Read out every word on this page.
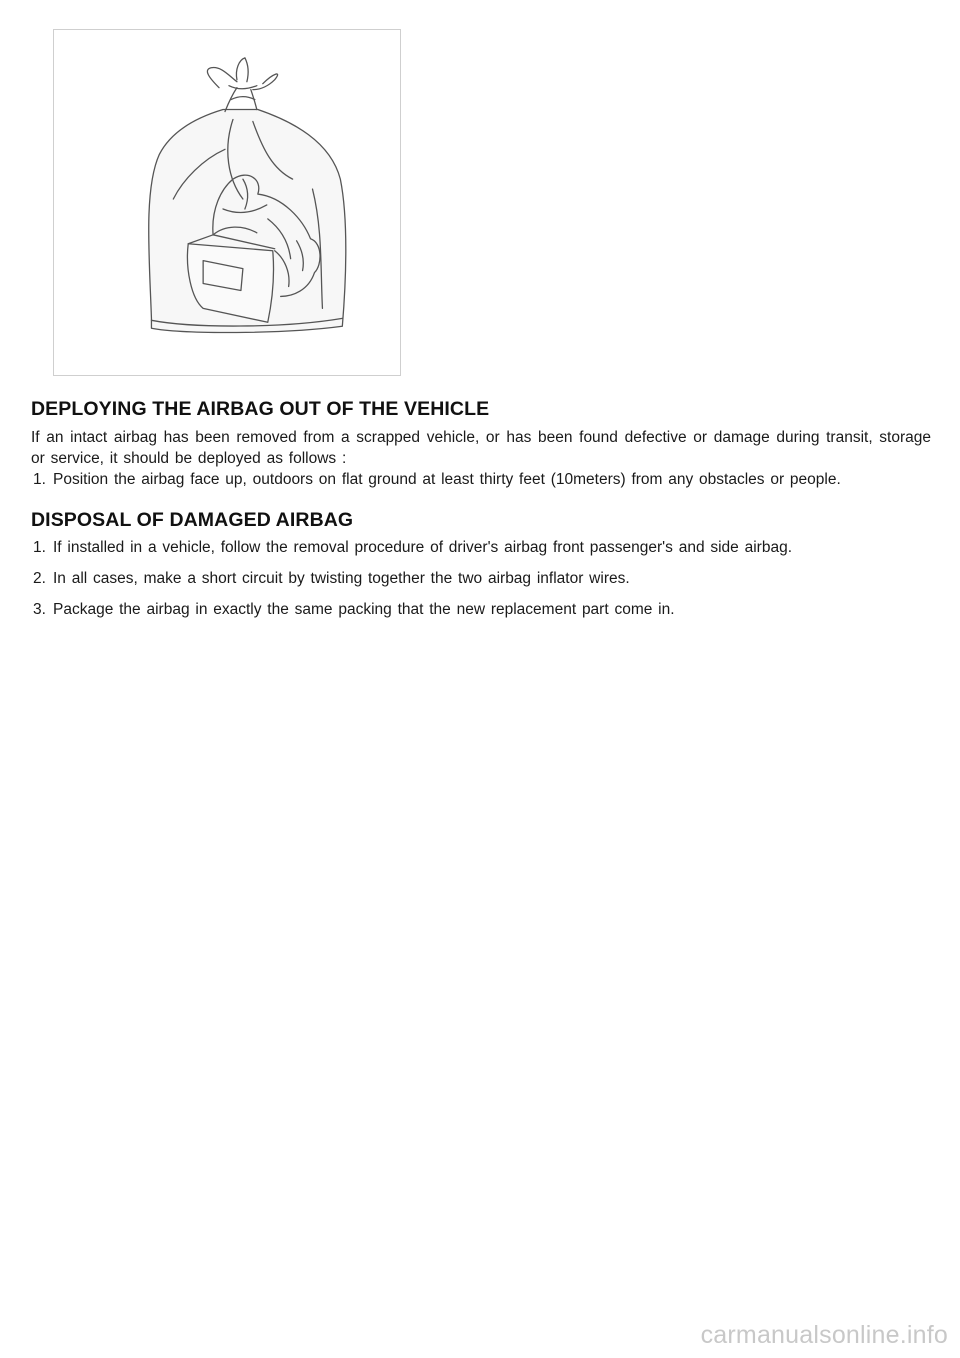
DEPLOYING THE AIRBAG OUT OF THE VEHICLE

If an intact airbag has been removed from a scrapped vehicle, or has been found defective or damage during transit, storage or service, it should be deployed as follows :

1. Position the airbag face up, outdoors on flat ground at least thirty feet (10meters) from any obstacles or people.

DISPOSAL OF DAMAGED AIRBAG

1. If installed in a vehicle, follow the removal procedure of driver's airbag front passenger's and side airbag.

2. In all cases, make a short circuit by twisting together the two airbag inflator wires.

3. Package the airbag in exactly the same packing that the new replacement part come in.

carmanualsonline.info
